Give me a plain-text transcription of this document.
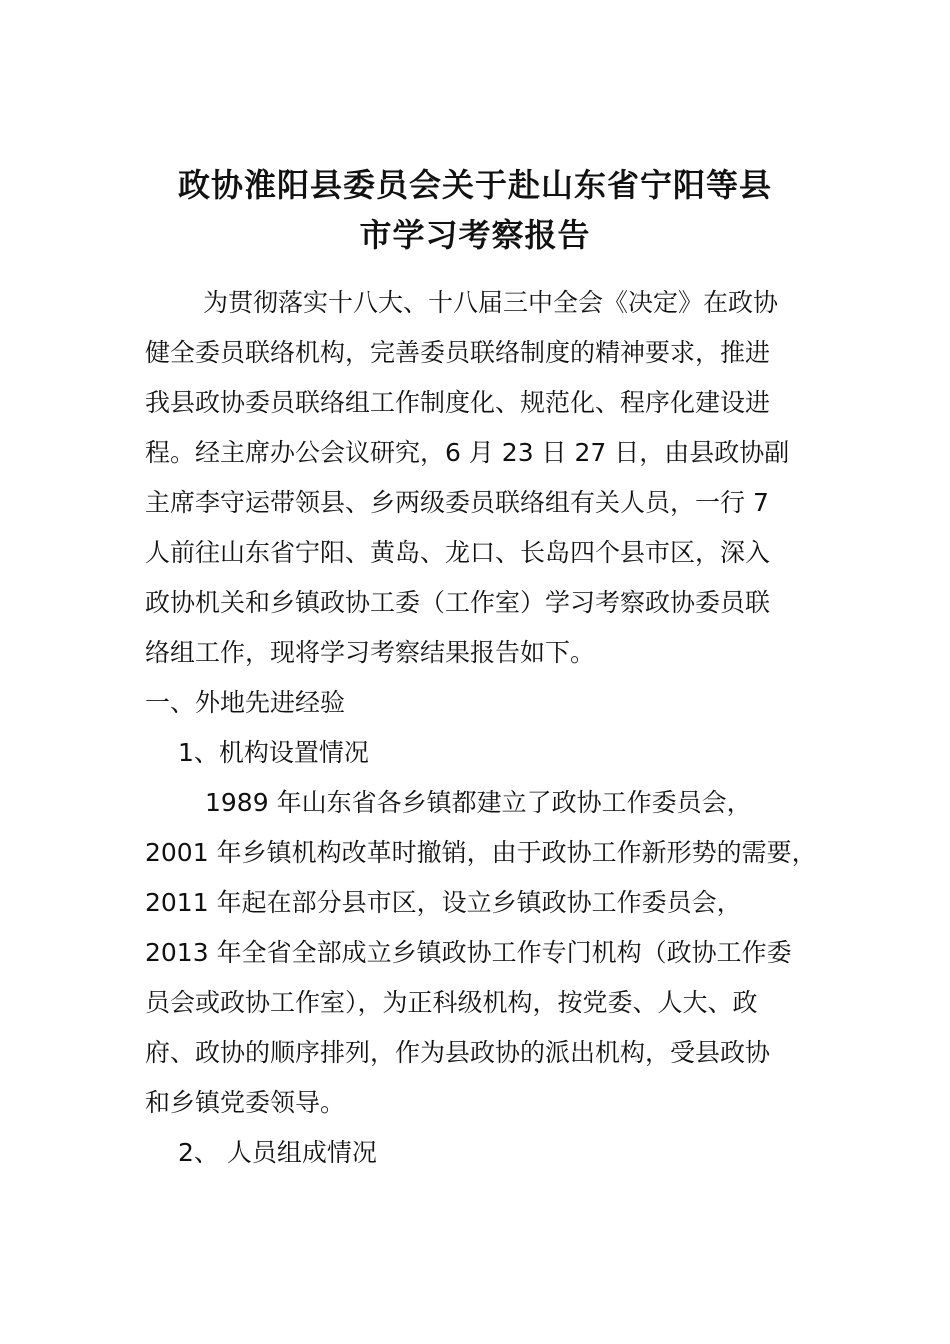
政协淮阳县委员会关于赴山东省宁阳等县
市学习考察报告
为贯彻落实十八大、十八届三中全会《决定》在政协
健全委员联络机构，完善委员联络制度的精神要求，推进
我县政协委员联络组工作制度化、规范化、程序化建设进
程。经主席办公会议研究，6 月 23 日 27 日，由县政协副
主席李守运带领县、乡两级委员联络组有关人员，一行 7
人前往山东省宁阳、黄岛、龙口、长岛四个县市区，深入
政协机关和乡镇政协工委（工作室）学习考察政协委员联
络组工作，现将学习考察结果报告如下。
一、外地先进经验
1、机构设置情况
1989 年山东省各乡镇都建立了政协工作委员会，
2001 年乡镇机构改革时撤销，由于政协工作新形势的需要，
2011 年起在部分县市区，设立乡镇政协工作委员会，
2013 年全省全部成立乡镇政协工作专门机构（政协工作委
员会或政协工作室），为正科级机构，按党委、人大、政
府、政协的顺序排列，作为县政协的派出机构，受县政协
和乡镇党委领导。
2、 人员组成情况
